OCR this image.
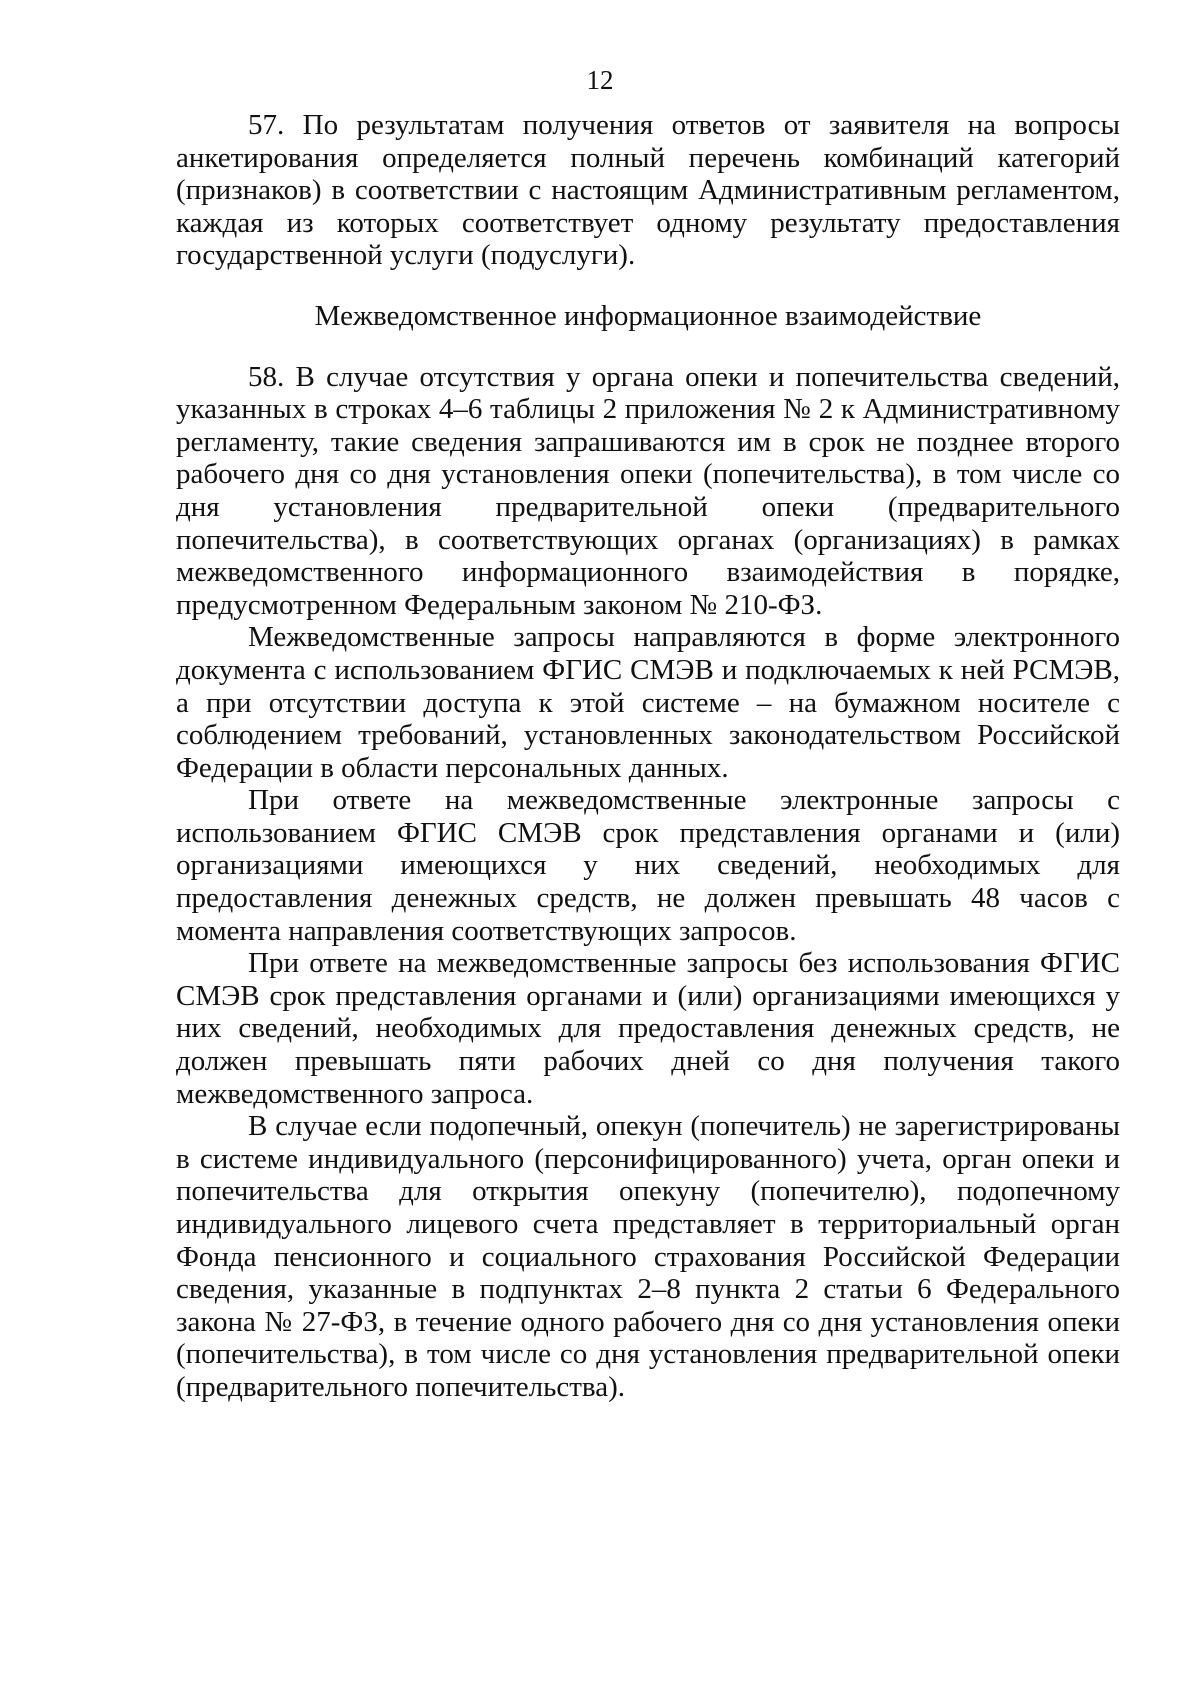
12

57. По результатам получения ответов от заявителя на вопросы анкетирования определяется полный перечень комбинаций категорий (признаков) в соответствии с настоящим Административным регламентом, каждая из которых соответствует одному результату предоставления государственной услуги (подуслуги).

Межведомственное информационное взаимодействие

58. В случае отсутствия у органа опеки и попечительства сведений, указанных в строках 4–6 таблицы 2 приложения № 2 к Административному регламенту, такие сведения запрашиваются им в срок не позднее второго рабочего дня со дня установления опеки (попечительства), в том числе со дня установления предварительной опеки (предварительного попечительства), в соответствующих органах (организациях) в рамках межведомственного информационного взаимодействия в порядке, предусмотренном Федеральным законом № 210-ФЗ.

Межведомственные запросы направляются в форме электронного документа с использованием ФГИС СМЭВ и подключаемых к ней РСМЭВ, а при отсутствии доступа к этой системе – на бумажном носителе с соблюдением требований, установленных законодательством Российской Федерации в области персональных данных.

При ответе на межведомственные электронные запросы с использованием ФГИС СМЭВ срок представления органами и (или) организациями имеющихся у них сведений, необходимых для предоставления денежных средств, не должен превышать 48 часов с момента направления соответствующих запросов.

При ответе на межведомственные запросы без использования ФГИС СМЭВ срок представления органами и (или) организациями имеющихся у них сведений, необходимых для предоставления денежных средств, не должен превышать пяти рабочих дней со дня получения такого межведомственного запроса.

В случае если подопечный, опекун (попечитель) не зарегистрированы в системе индивидуального (персонифицированного) учета, орган опеки и попечительства для открытия опекуну (попечителю), подопечному индивидуального лицевого счета представляет в территориальный орган Фонда пенсионного и социального страхования Российской Федерации сведения, указанные в подпунктах 2–8 пункта 2 статьи 6 Федерального закона № 27-ФЗ, в течение одного рабочего дня со дня установления опеки (попечительства), в том числе со дня установления предварительной опеки (предварительного попечительства).
